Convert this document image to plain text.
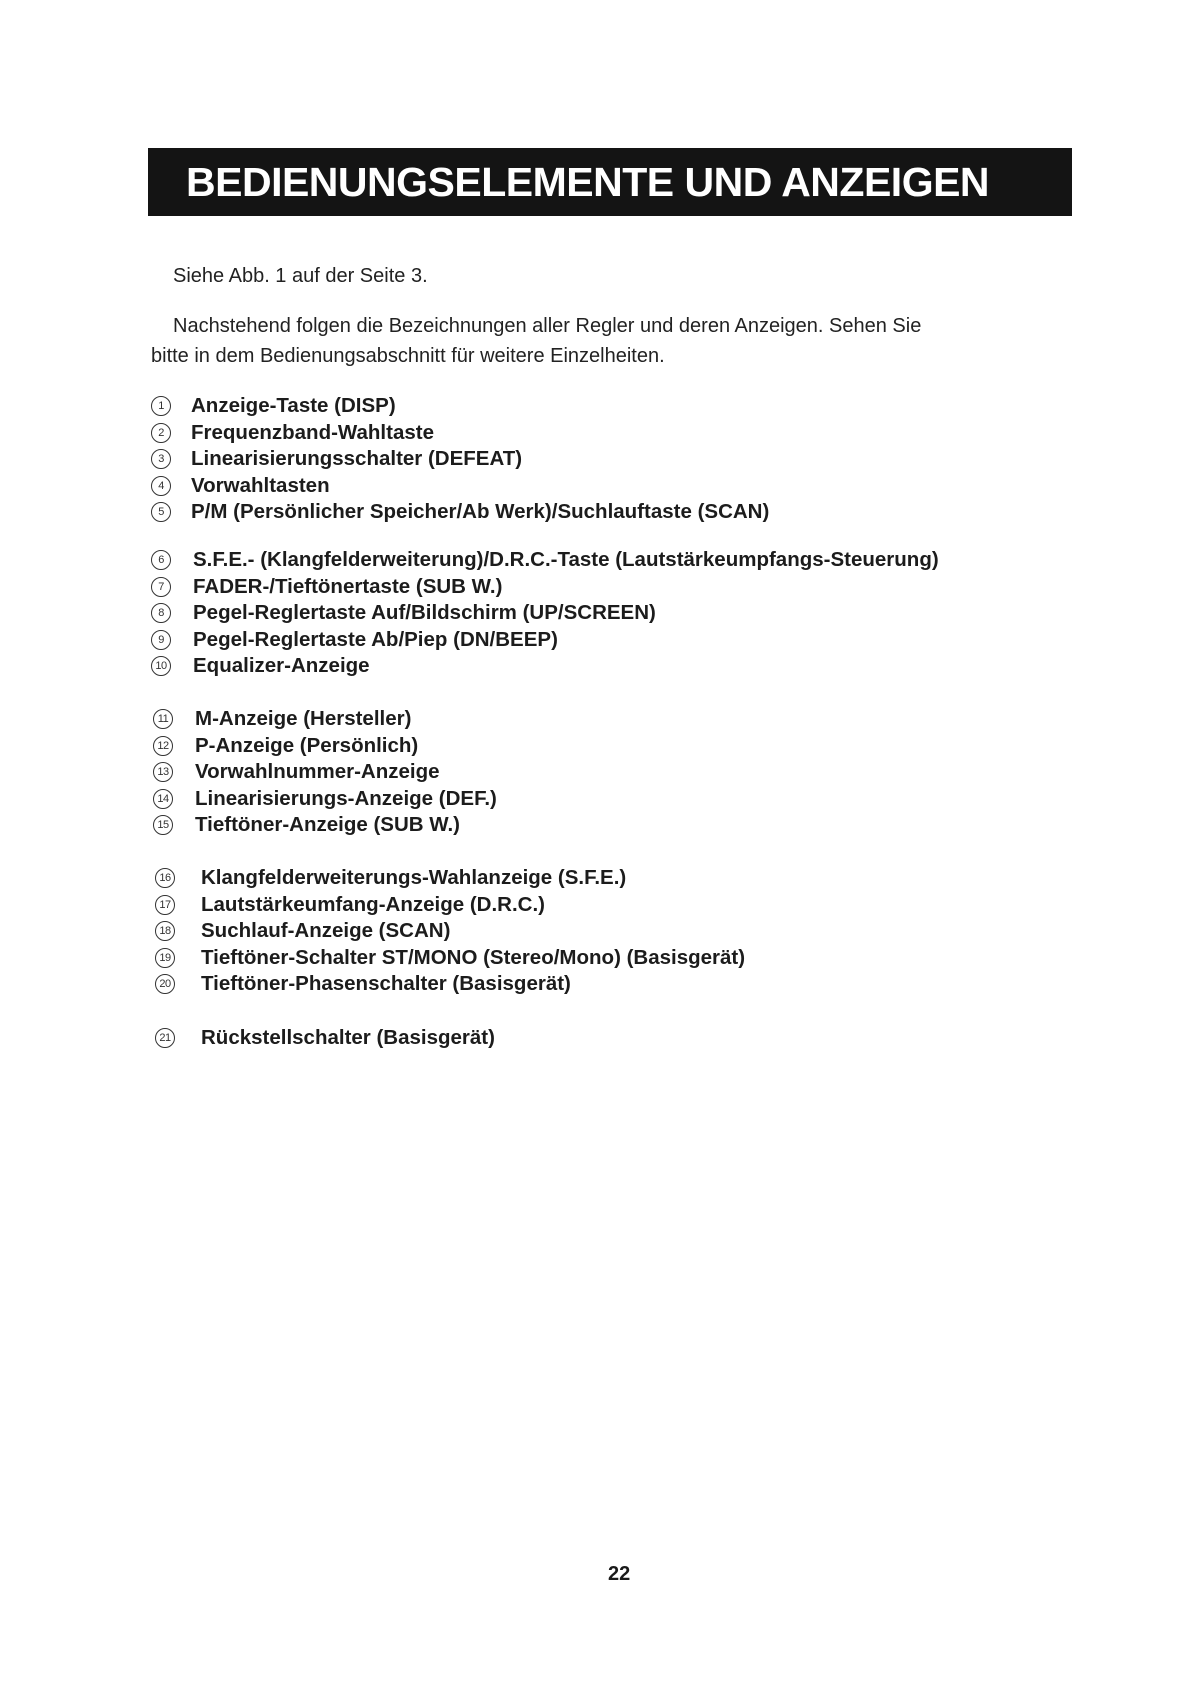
BEDIENUNGSELEMENTE UND ANZEIGEN

Siehe Abb. 1 auf der Seite 3.

Nachstehend folgen die Bezeichnungen aller Regler und deren Anzeigen. Sehen Sie
bitte in dem Bedienungsabschnitt für weitere Einzelheiten.

1	Anzeige-Taste (DISP)
2	Frequenzband-Wahltaste
3	Linearisierungsschalter (DEFEAT)
4	Vorwahltasten
5	P/M (Persönlicher Speicher/Ab Werk)/Suchlauftaste (SCAN)
6	S.F.E.- (Klangfelderweiterung)/D.R.C.-Taste (Lautstärkeumpfangs-Steuerung)
7	FADER-/Tieftönertaste (SUB W.)
8	Pegel-Reglertaste Auf/Bildschirm (UP/SCREEN)
9	Pegel-Reglertaste Ab/Piep (DN/BEEP)
10 Equalizer-Anzeige
11 M-Anzeige (Hersteller)
12 P-Anzeige (Persönlich)
13 Vorwahlnummer-Anzeige
14 Linearisierungs-Anzeige (DEF.)
15 Tieftöner-Anzeige (SUB W.)
16 Klangfelderweiterungs-Wahlanzeige (S.F.E.)
17 Lautstärkeumfang-Anzeige (D.R.C.)
18 Suchlauf-Anzeige (SCAN)
19 Tieftöner-Schalter ST/MONO (Stereo/Mono) (Basisgerät)
20 Tieftöner-Phasenschalter (Basisgerät)
21 Rückstellschalter (Basisgerät)
22
